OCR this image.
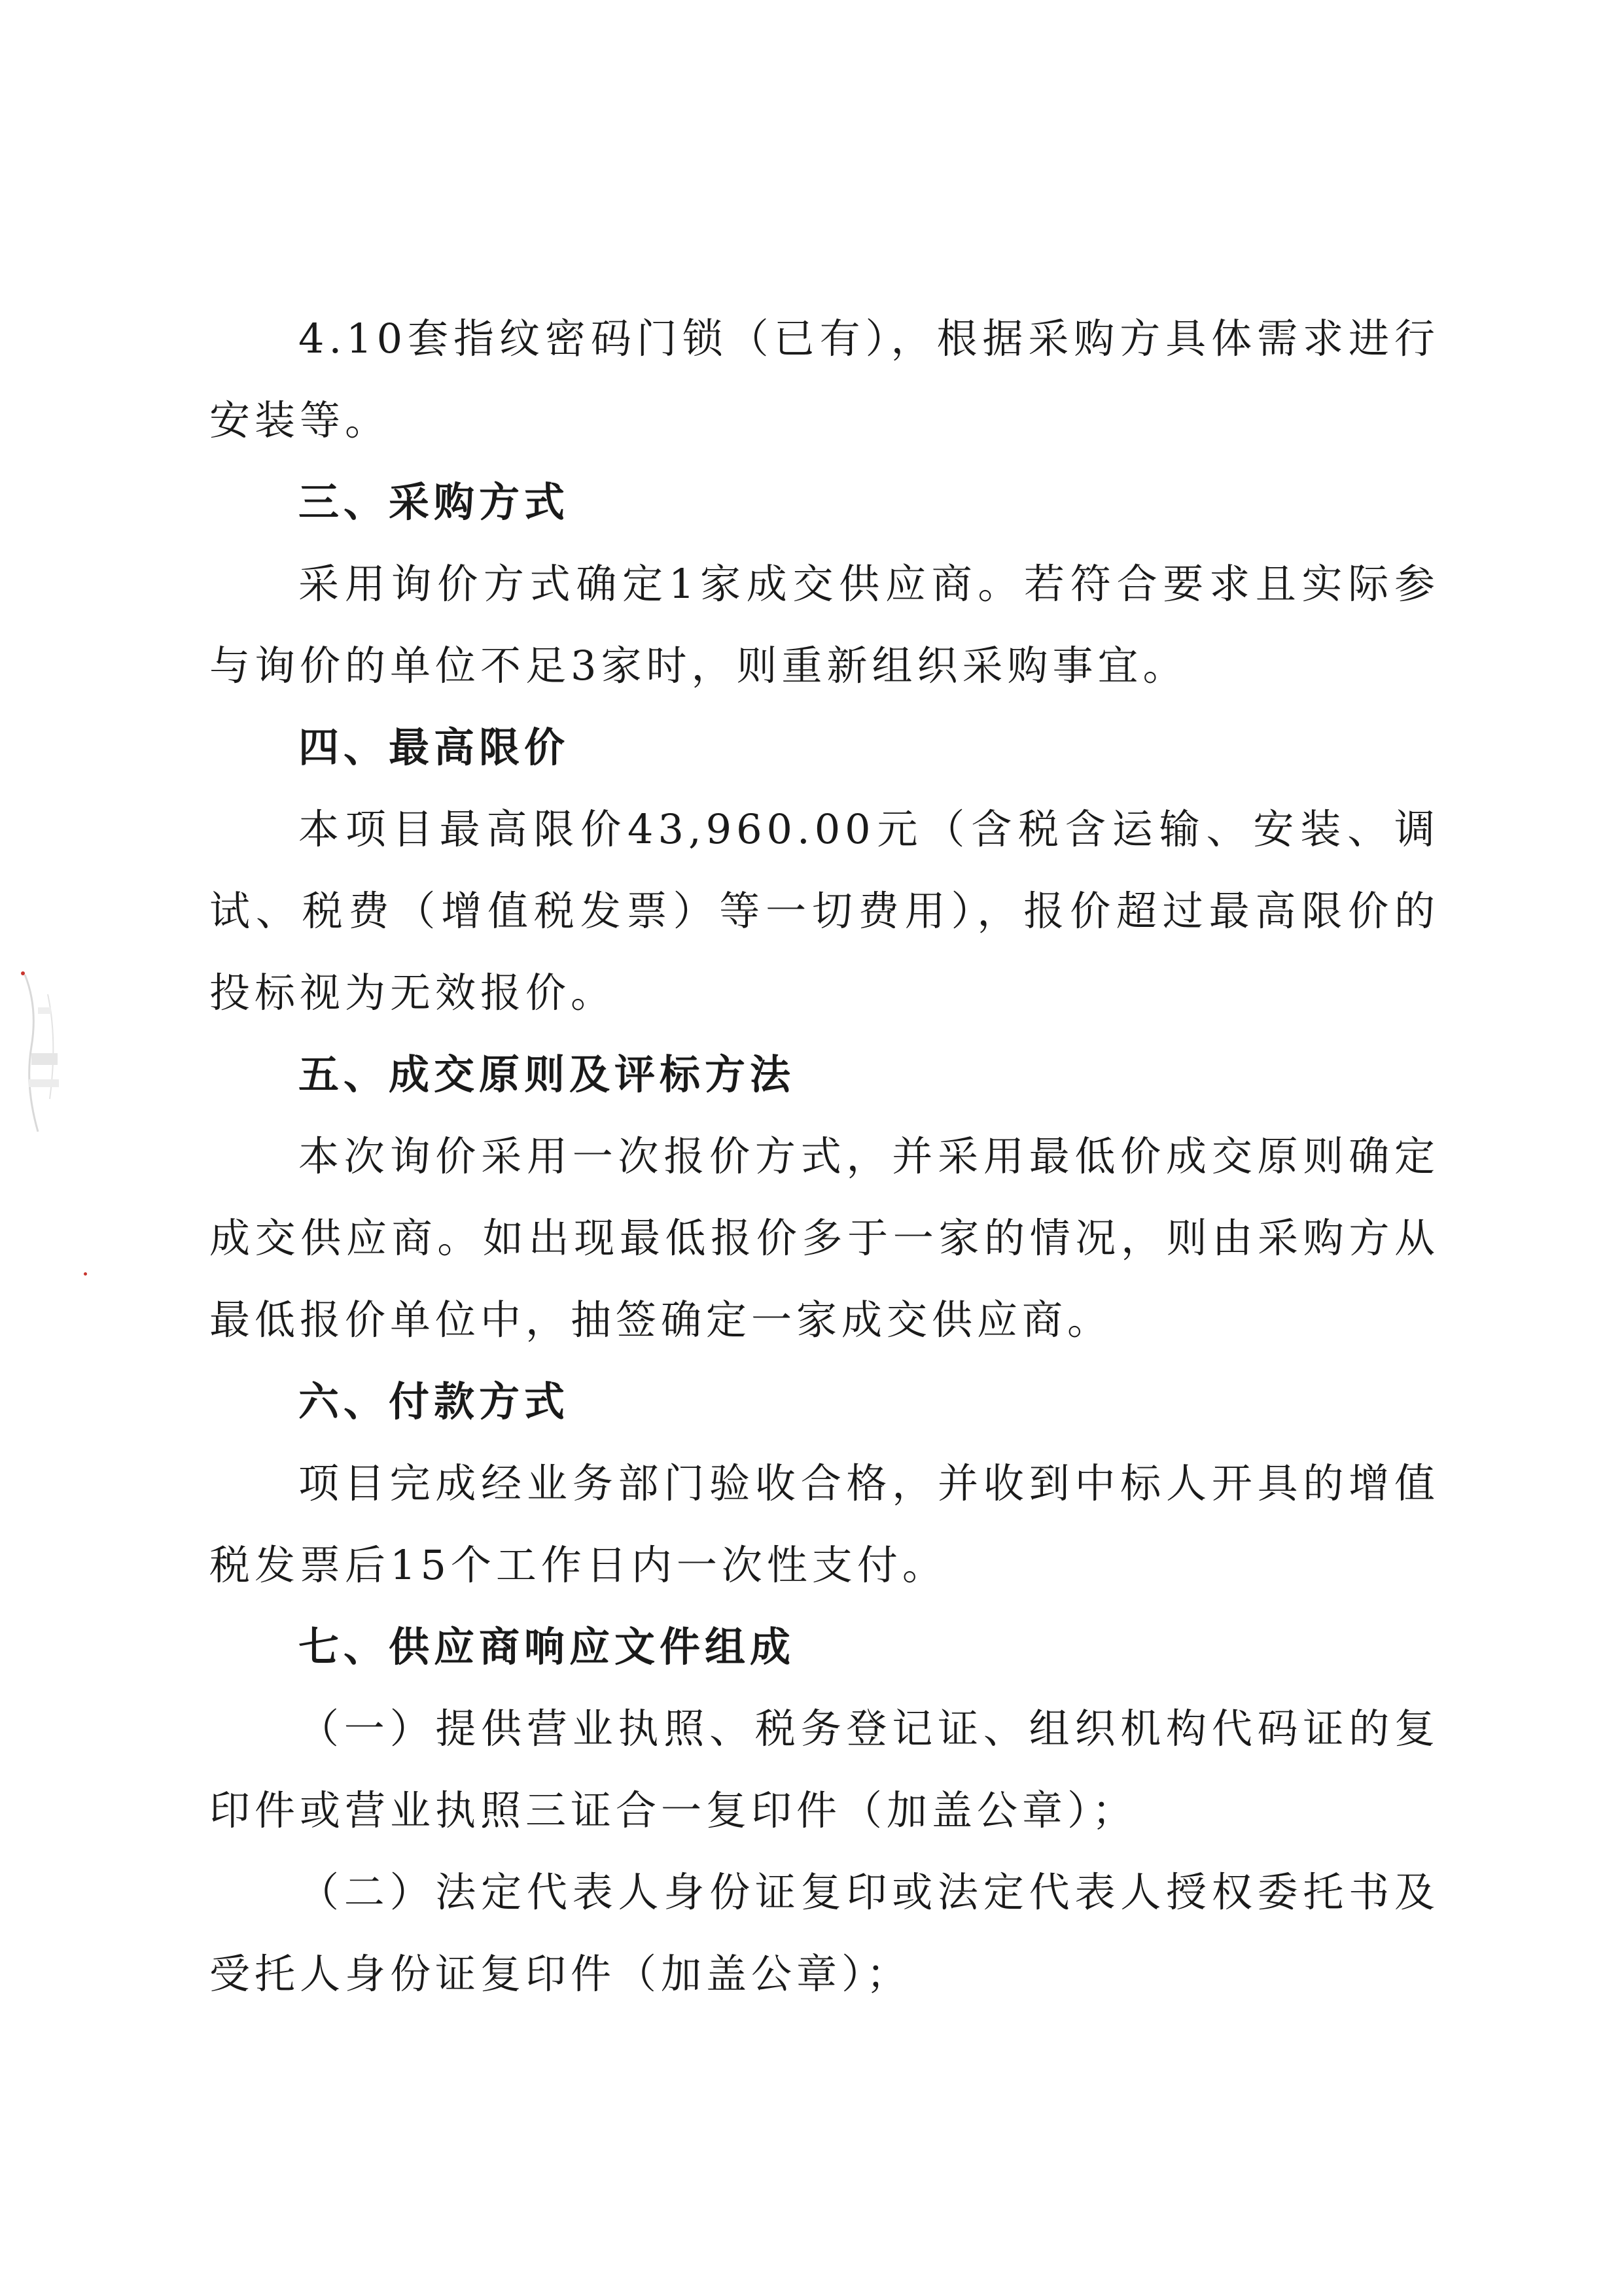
4.10套指纹密码门锁（已有），根据采购方具体需求进行安装等。

三、采购方式

采用询价方式确定1家成交供应商。若符合要求且实际参与询价的单位不足3家时，则重新组织采购事宜。

四、最高限价

本项目最高限价43,960.00元（含税含运输、安装、调试、税费（增值税发票）等一切费用），报价超过最高限价的投标视为无效报价。

五、成交原则及评标方法

本次询价采用一次报价方式，并采用最低价成交原则确定成交供应商。如出现最低报价多于一家的情况，则由采购方从最低报价单位中，抽签确定一家成交供应商。

六、付款方式

项目完成经业务部门验收合格，并收到中标人开具的增值税发票后15个工作日内一次性支付。

七、供应商响应文件组成

（一）提供营业执照、税务登记证、组织机构代码证的复印件或营业执照三证合一复印件（加盖公章）；

（二）法定代表人身份证复印或法定代表人授权委托书及受托人身份证复印件（加盖公章）；
